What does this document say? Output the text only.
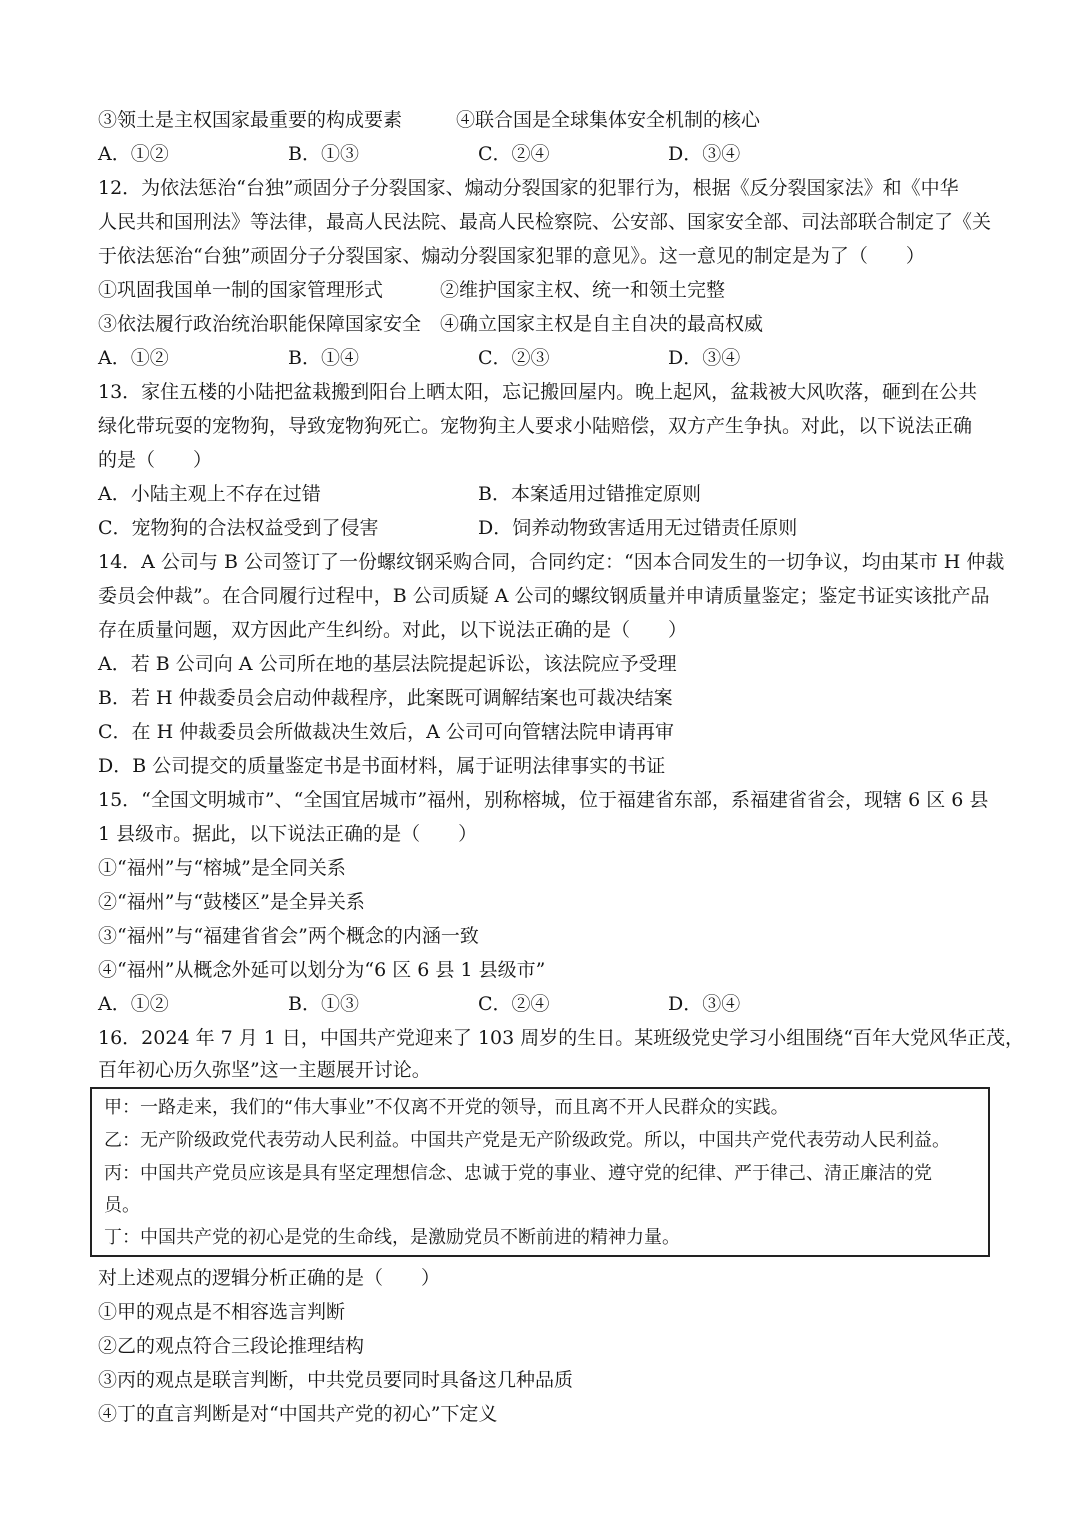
③领土是主权国家最重要的构成要素	④联合国是全球集体安全机制的核心
A．①②	B．①③	C．②④	D．③④
12．为依法惩治“台独”顽固分子分裂国家、煽动分裂国家的犯罪行为，根据《反分裂国家法》和《中华
人民共和国刑法》等法律，最高人民法院、最高人民检察院、公安部、国家安全部、司法部联合制定了《关
于依法惩治“台独”顽固分子分裂国家、煽动分裂国家犯罪的意见》。这一意见的制定是为了（　　）
①巩固我国单一制的国家管理形式	②维护国家主权、统一和领土完整
③依法履行政治统治职能保障国家安全 ④确立国家主权是自主自决的最高权威
A．①②	B．①④	C．②③	D．③④
13．家住五楼的小陆把盆栽搬到阳台上晒太阳，忘记搬回屋内。晚上起风，盆栽被大风吹落，砸到在公共
绿化带玩耍的宠物狗，导致宠物狗死亡。宠物狗主人要求小陆赔偿，双方产生争执。对此，以下说法正确
的是（　　）
A．小陆主观上不存在过错	B．本案适用过错推定原则
C．宠物狗的合法权益受到了侵害	D．饲养动物致害适用无过错责任原则
14．A 公司与 B 公司签订了一份螺纹钢采购合同，合同约定：“因本合同发生的一切争议，均由某市 H 仲裁
委员会仲裁”。在合同履行过程中，B 公司质疑 A 公司的螺纹钢质量并申请质量鉴定；鉴定书证实该批产品
存在质量问题，双方因此产生纠纷。对此，以下说法正确的是（　　）
A．若 B 公司向 A 公司所在地的基层法院提起诉讼，该法院应予受理
B．若 H 仲裁委员会启动仲裁程序，此案既可调解结案也可裁决结案
C．在 H 仲裁委员会所做裁决生效后，A 公司可向管辖法院申请再审
D．B 公司提交的质量鉴定书是书面材料，属于证明法律事实的书证
15．“全国文明城市”、“全国宜居城市”福州，别称榕城，位于福建省东部，系福建省省会，现辖 6 区 6 县
1 县级市。据此，以下说法正确的是（　　）
①“福州”与“榕城”是全同关系
②“福州”与“鼓楼区”是全异关系
③“福州”与“福建省省会”两个概念的内涵一致
④“福州”从概念外延可以划分为“6 区 6 县 1 县级市”
A．①②	B．①③	C．②④	D．③④
16．2024 年 7 月 1 日，中国共产党迎来了 103 周岁的生日。某班级党史学习小组围绕“百年大党风华正茂，
百年初心历久弥坚”这一主题展开讨论。
甲：一路走来，我们的“伟大事业”不仅离不开党的领导，而且离不开人民群众的实践。
乙：无产阶级政党代表劳动人民利益。中国共产党是无产阶级政党。所以，中国共产党代表劳动人民利益。
丙：中国共产党员应该是具有坚定理想信念、忠诚于党的事业、遵守党的纪律、严于律己、清正廉洁的党
员。
丁：中国共产党的初心是党的生命线，是激励党员不断前进的精神力量。
对上述观点的逻辑分析正确的是（　　）
①甲的观点是不相容选言判断
②乙的观点符合三段论推理结构
③丙的观点是联言判断，中共党员要同时具备这几种品质
④丁的直言判断是对“中国共产党的初心”下定义
